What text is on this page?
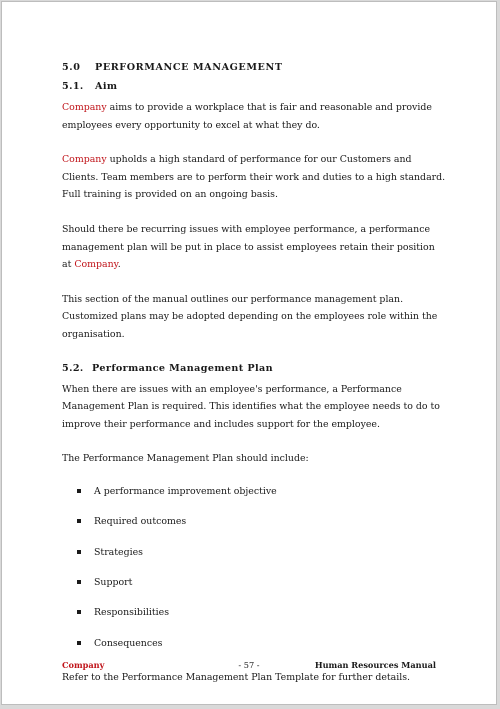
5.0 PERFORMANCE MANAGEMENT
5.1. Aim

Company aims to provide a workplace that is fair and reasonable and provide employees every opportunity to excel at what they do.

Company upholds a high standard of performance for our Customers and Clients. Team members are to perform their work and duties to a high standard. Full training is provided on an ongoing basis.

Should there be recurring issues with employee performance, a performance management plan will be put in place to assist employees retain their position at Company.

This section of the manual outlines our performance management plan. Customized plans may be adopted depending on the employees role within the organisation.

5.2. Performance Management Plan

When there are issues with an employee's performance, a Performance Management Plan is required. This identifies what the employee needs to do to improve their performance and includes support for the employee.

The Performance Management Plan should include:

A performance improvement objective
Required outcomes
Strategies
Support
Responsibilities
Consequences

Refer to the Performance Management Plan Template for further details.

Company	- 57 -	Human Resources Manual
